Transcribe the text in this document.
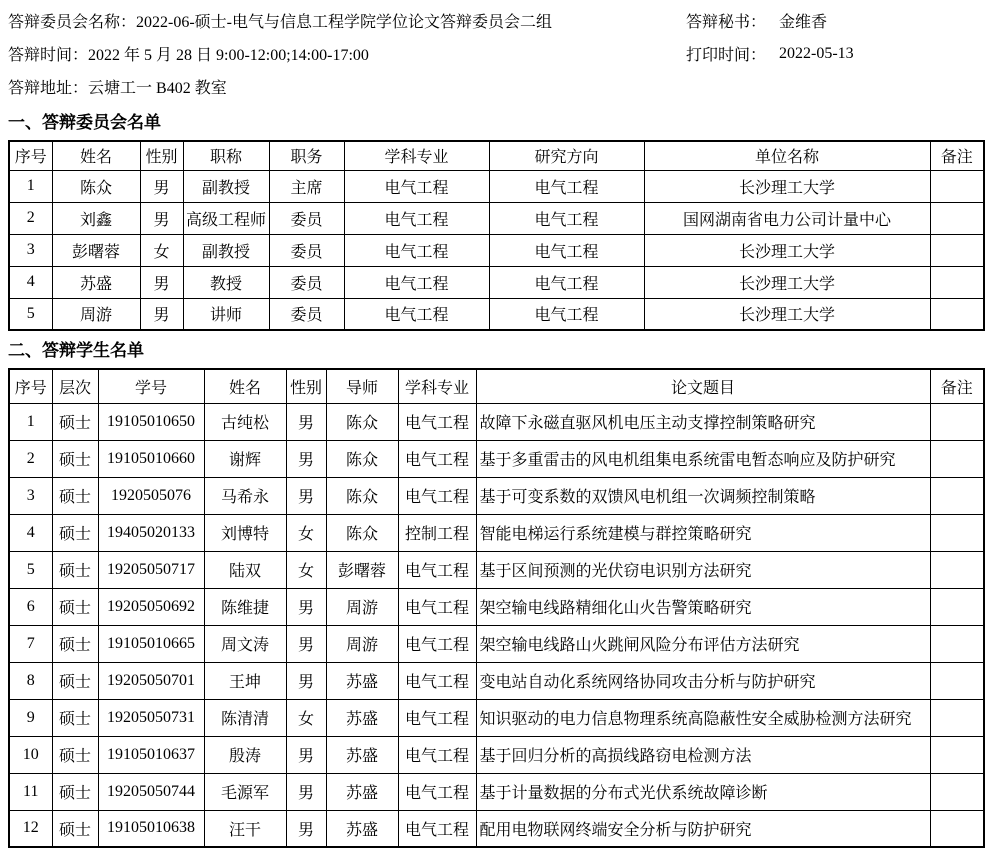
答辩委员会名称： 2022-06-硕士-电气与信息工程学院学位论文答辩委员会二组	答辩秘书： 金维香
答辩时间： 2022 年 5 月 28 日 9:00-12:00;14:00-17:00	打印时间： 2022-05-13
答辩地址： 云塘工一 B402 教室
一、答辩委员会名单
序号	姓名	性别	职称	职务	学科专业	研究方向	单位名称	备注
1	陈众	男	副教授	主席	电气工程	电气工程	长沙理工大学	
2	刘鑫	男	高级工程师	委员	电气工程	电气工程	国网湖南省电力公司计量中心	
3	彭曙蓉	女	副教授	委员	电气工程	电气工程	长沙理工大学	
4	苏盛	男	教授	委员	电气工程	电气工程	长沙理工大学	
5	周游	男	讲师	委员	电气工程	电气工程	长沙理工大学	
二、答辩学生名单
序号	层次	学号	姓名	性别	导师	学科专业	论文题目	备注
1	硕士	19105010650	古纯松	男	陈众	电气工程	故障下永磁直驱风机电压主动支撑控制策略研究	
2	硕士	19105010660	谢辉	男	陈众	电气工程	基于多重雷击的风电机组集电系统雷电暂态响应及防护研究	
3	硕士	1920505076	马希永	男	陈众	电气工程	基于可变系数的双馈风电机组一次调频控制策略	
4	硕士	19405020133	刘博特	女	陈众	控制工程	智能电梯运行系统建模与群控策略研究	
5	硕士	19205050717	陆双	女	彭曙蓉	电气工程	基于区间预测的光伏窃电识别方法研究	
6	硕士	19205050692	陈维捷	男	周游	电气工程	架空输电线路精细化山火告警策略研究	
7	硕士	19105010665	周文涛	男	周游	电气工程	架空输电线路山火跳闸风险分布评估方法研究	
8	硕士	19205050701	王坤	男	苏盛	电气工程	变电站自动化系统网络协同攻击分析与防护研究	
9	硕士	19205050731	陈清清	女	苏盛	电气工程	知识驱动的电力信息物理系统高隐蔽性安全威胁检测方法研究	
10	硕士	19105010637	殷涛	男	苏盛	电气工程	基于回归分析的高损线路窃电检测方法	
11	硕士	19205050744	毛源军	男	苏盛	电气工程	基于计量数据的分布式光伏系统故障诊断	
12	硕士	19105010638	汪干	男	苏盛	电气工程	配用电物联网终端安全分析与防护研究	
